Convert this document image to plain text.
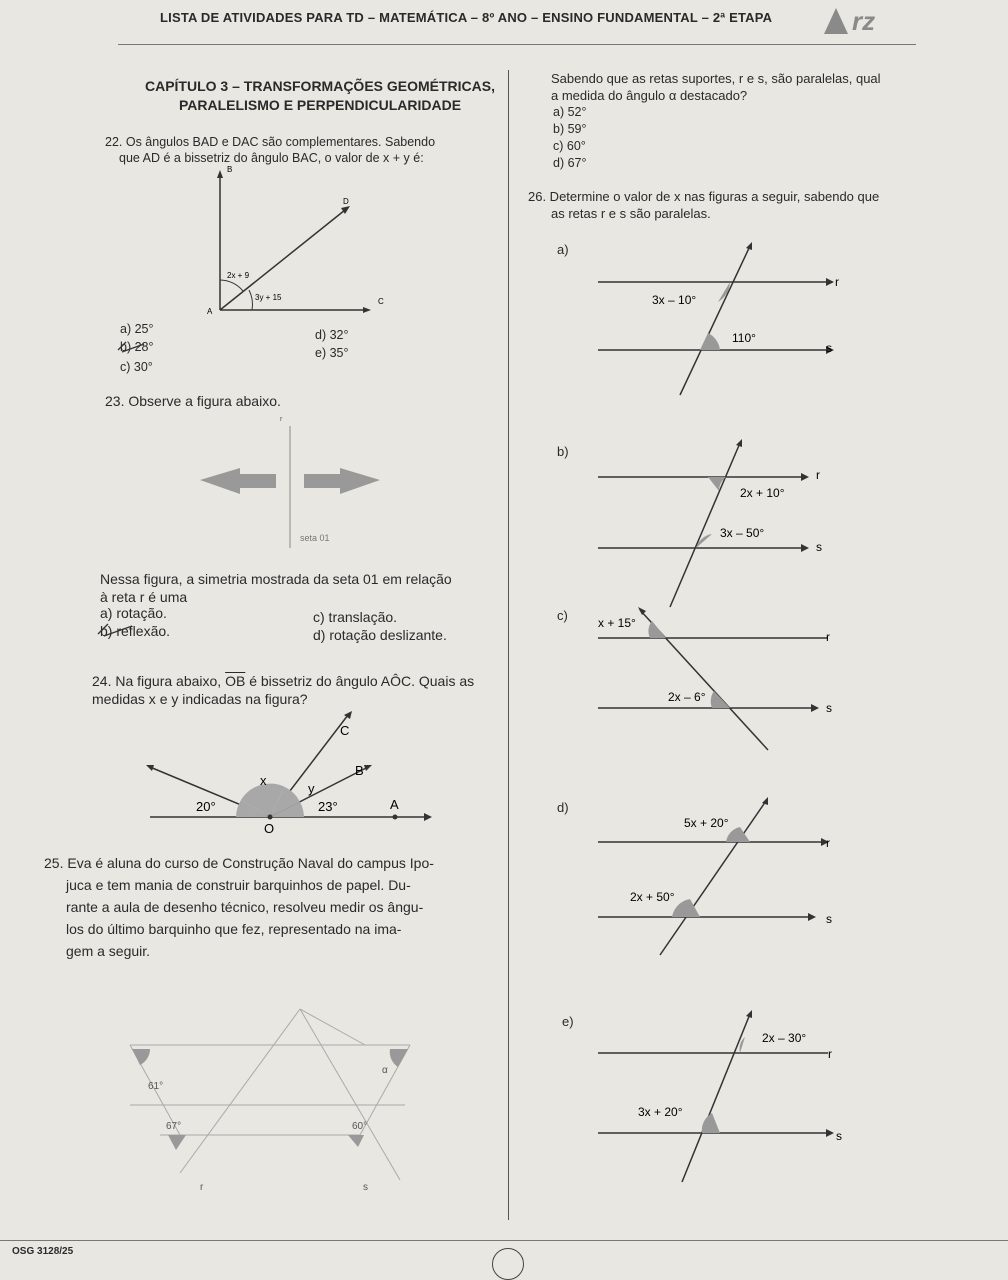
LISTA DE ATIVIDADES PARA TD – MATEMÁTICA – 8º ANO – ENSINO FUNDAMENTAL – 2ª ETAPA	rz
CAPÍTULO 3 – TRANSFORMAÇÕES GEOMÉTRICAS,
PARALELISMO E PERPENDICULARIDADE
22. Os ângulos BAD e DAC são complementares. Sabendo
que AD é a bissetriz do ângulo BAC, o valor de x + y é:
B
D
A
C
2x + 9
3y + 15
a) 25°
b) 28°
c) 30°
d) 32°
e) 35°
23. Observe a figura abaixo.
r
seta 01
Nessa figura, a simetria mostrada da seta 01 em relação
à reta r é uma
a) rotação.
b) reflexão.
c) translação.
d) rotação deslizante.
24. Na figura abaixo, $\overline{OB}$ é bissetriz do ângulo AÔC. Quais as
medidas x e y indicadas na figura?
C
B
A
O
x
y
20°	23°
25. Eva é aluna do curso de Construção Naval do campus Ipo-
juca e tem mania de construir barquinhos de papel. Du-
rante a aula de desenho técnico, resolveu medir os ângu-
los do último barquinho que fez, representado na ima-
gem a seguir.
61°
67°	60°
α
r	s
Sabendo que as retas suportes, r e s, são paralelas, qual
a medida do ângulo α destacado?
a) 52°
b) 59°
c) 60°
d) 67°
26. Determine o valor de x nas figuras a seguir, sabendo que
as retas r e s são paralelas.
a)
r
s
3x – 10°
110°
b)
r
s
2x + 10°
3x – 50°
c)
r
s
x + 15°
2x – 6°
d)
r
s
5x + 20°
2x + 50°
e)
r
s
2x – 30°
3x + 20°
OSG 3128/25
